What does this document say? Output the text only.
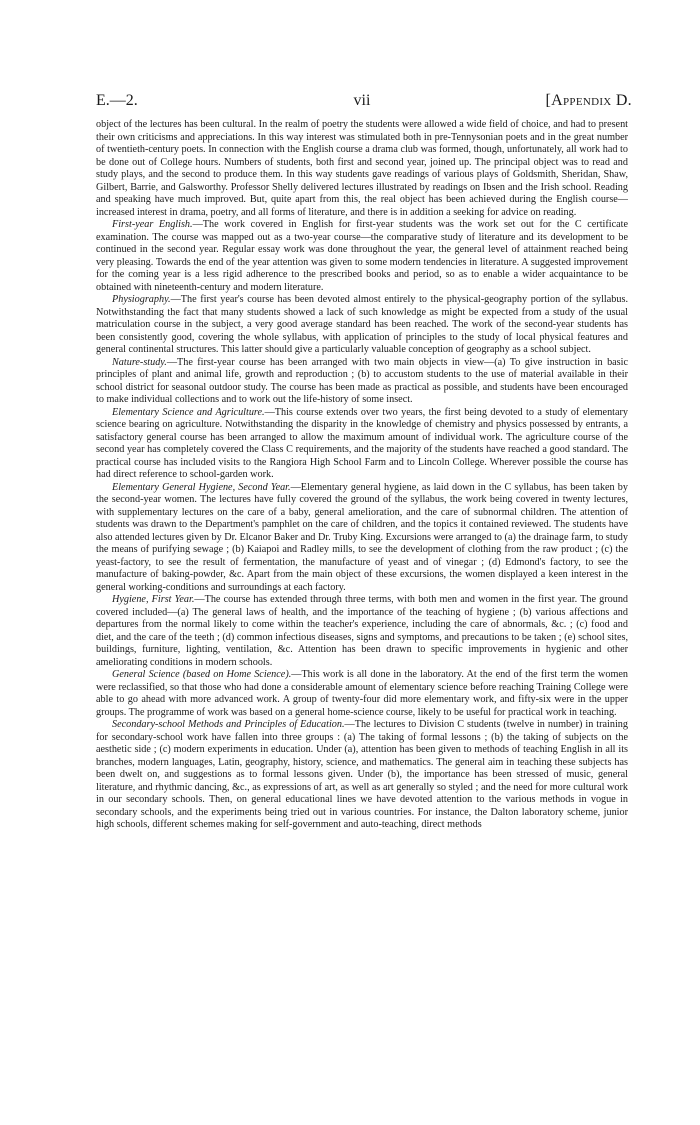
E.—2.	vii	[Appendix D.

object of the lectures has been cultural. In the realm of poetry the students were allowed a wide field of choice, and had to present their own criticisms and appreciations. In this way interest was stimulated both in pre-Tennysonian poets and in the great number of twentieth-century poets. In connection with the English course a drama club was formed, though, unfortunately, all work had to be done out of College hours. Numbers of students, both first and second year, joined up. The principal object was to read and study plays, and the second to produce them. In this way students gave readings of various plays of Goldsmith, Sheridan, Shaw, Gilbert, Barrie, and Galsworthy. Professor Shelly delivered lectures illustrated by readings on Ibsen and the Irish school. Reading and speaking have much improved. But, quite apart from this, the real object has been achieved during the English course—increased interest in drama, poetry, and all forms of literature, and there is in addition a seeking for advice on reading.

First-year English.—The work covered in English for first-year students was the work set out for the C certificate examination. The course was mapped out as a two-year course—the comparative study of literature and its development to be continued in the second year. Regular essay work was done throughout the year, the general level of attainment reached being very pleasing. Towards the end of the year attention was given to some modern tendencies in literature. A suggested improvement for the coming year is a less rigid adherence to the prescribed books and period, so as to enable a wider acquaintance to be obtained with nineteenth-century and modern literature.

Physiography.—The first year's course has been devoted almost entirely to the physical-geography portion of the syllabus. Notwithstanding the fact that many students showed a lack of such knowledge as might be expected from a study of the usual matriculation course in the subject, a very good average standard has been reached. The work of the second-year students has been consistently good, covering the whole syllabus, with application of principles to the study of local physical features and general continental structures. This latter should give a particularly valuable conception of geography as a school subject.

Nature-study.—The first-year course has been arranged with two main objects in view—(a) To give instruction in basic principles of plant and animal life, growth and reproduction ; (b) to accustom students to the use of material available in their school district for seasonal outdoor study. The course has been made as practical as possible, and students have been encouraged to make individual collections and to work out the life-history of some insect.

Elementary Science and Agriculture.—This course extends over two years, the first being devoted to a study of elementary science bearing on agriculture. Notwithstanding the disparity in the knowledge of chemistry and physics possessed by entrants, a satisfactory general course has been arranged to allow the maximum amount of individual work. The agriculture course of the second year has completely covered the Class C requirements, and the majority of the students have reached a good standard. The practical course has included visits to the Rangiora High School Farm and to Lincoln College. Wherever possible the course has had direct reference to school-garden work.

Elementary General Hygiene, Second Year.—Elementary general hygiene, as laid down in the C syllabus, has been taken by the second-year women. The lectures have fully covered the ground of the syllabus, the work being covered in twenty lectures, with supplementary lectures on the care of a baby, general amelioration, and the care of subnormal children. The attention of students was drawn to the Department's pamphlet on the care of children, and the topics it contained reviewed. The students have also attended lectures given by Dr. Elcanor Baker and Dr. Truby King. Excursions were arranged to (a) the drainage farm, to study the means of purifying sewage ; (b) Kaiapoi and Radley mills, to see the development of clothing from the raw product ; (c) the yeast-factory, to see the result of fermentation, the manufacture of yeast and of vinegar ; (d) Edmond's factory, to see the manufacture of baking-powder, &c. Apart from the main object of these excursions, the women displayed a keen interest in the general working-conditions and surroundings at each factory.

Hygiene, First Year.—The course has extended through three terms, with both men and women in the first year. The ground covered included—(a) The general laws of health, and the importance of the teaching of hygiene ; (b) various affections and departures from the normal likely to come within the teacher's experience, including the care of abnormals, &c. ; (c) food and diet, and the care of the teeth ; (d) common infectious diseases, signs and symptoms, and precautions to be taken ; (e) school sites, buildings, furniture, lighting, ventilation, &c. Attention has been drawn to specific improvements in hygienic and other ameliorating conditions in modern schools.

General Science (based on Home Science).—This work is all done in the laboratory. At the end of the first term the women were reclassified, so that those who had done a considerable amount of elementary science before reaching Training College were able to go ahead with more advanced work. A group of twenty-four did more elementary work, and fifty-six were in the upper groups. The programme of work was based on a general home-science course, likely to be useful for practical work in teaching.

Secondary-school Methods and Principles of Education.—The lectures to Division C students (twelve in number) in training for secondary-school work have fallen into three groups : (a) The taking of formal lessons ; (b) the taking of subjects on the aesthetic side ; (c) modern experiments in education. Under (a), attention has been given to methods of teaching English in all its branches, modern languages, Latin, geography, history, science, and mathematics. The general aim in teaching these subjects has been dwelt on, and suggestions as to formal lessons given. Under (b), the importance has been stressed of music, general literature, and rhythmic dancing, &c., as expressions of art, as well as art generally so styled ; and the need for more cultural work in our secondary schools. Then, on general educational lines we have devoted attention to the various methods in vogue in secondary schools, and the experiments being tried out in various countries. For instance, the Dalton laboratory scheme, junior high schools, different schemes making for self-government and auto-teaching, direct methods
